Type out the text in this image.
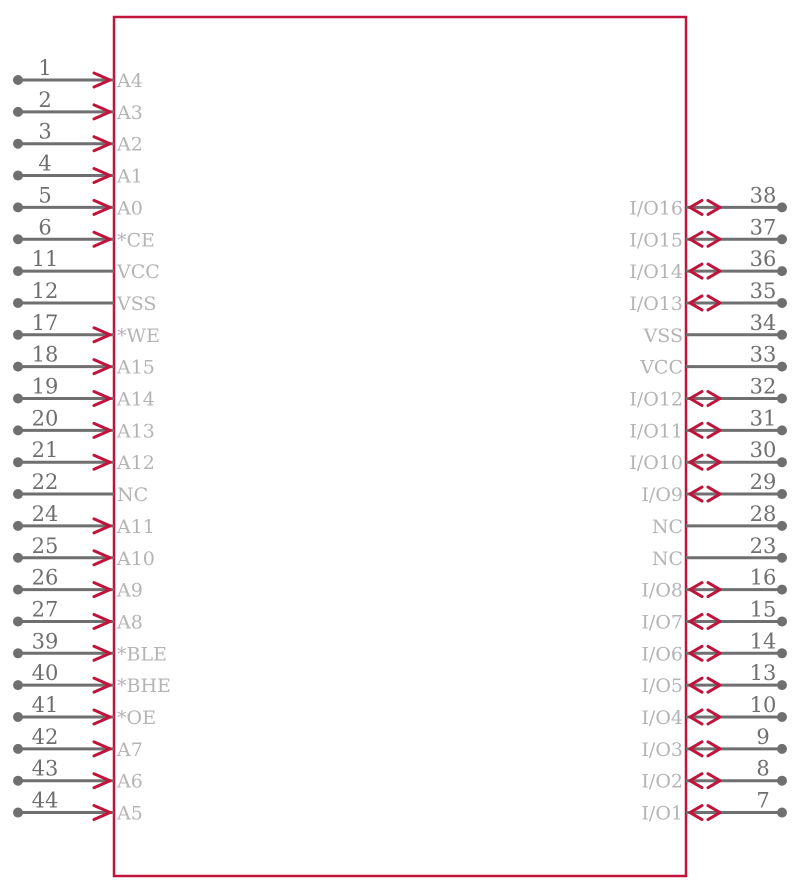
1
A4
2
A3
3
A2
4
A1
5
A0
6
*CE
11
VCC
12
VSS
17
*WE
18
A15
19
A14
20
A13
21
A12
22
NC
24
A11
25
A10
26
A9
27
A8
39
*BLE
40
*BHE
41
*OE
42
A7
43
A6
44
A5
38
I/O16
37
I/O15
36
I/O14
35
I/O13
34
VSS
33
VCC
32
I/O12
31
I/O11
30
I/O10
29
I/O9
28
NC
23
NC
16
I/O8
15
I/O7
14
I/O6
13
I/O5
10
I/O4
9
I/O3
8
I/O2
7
I/O1
